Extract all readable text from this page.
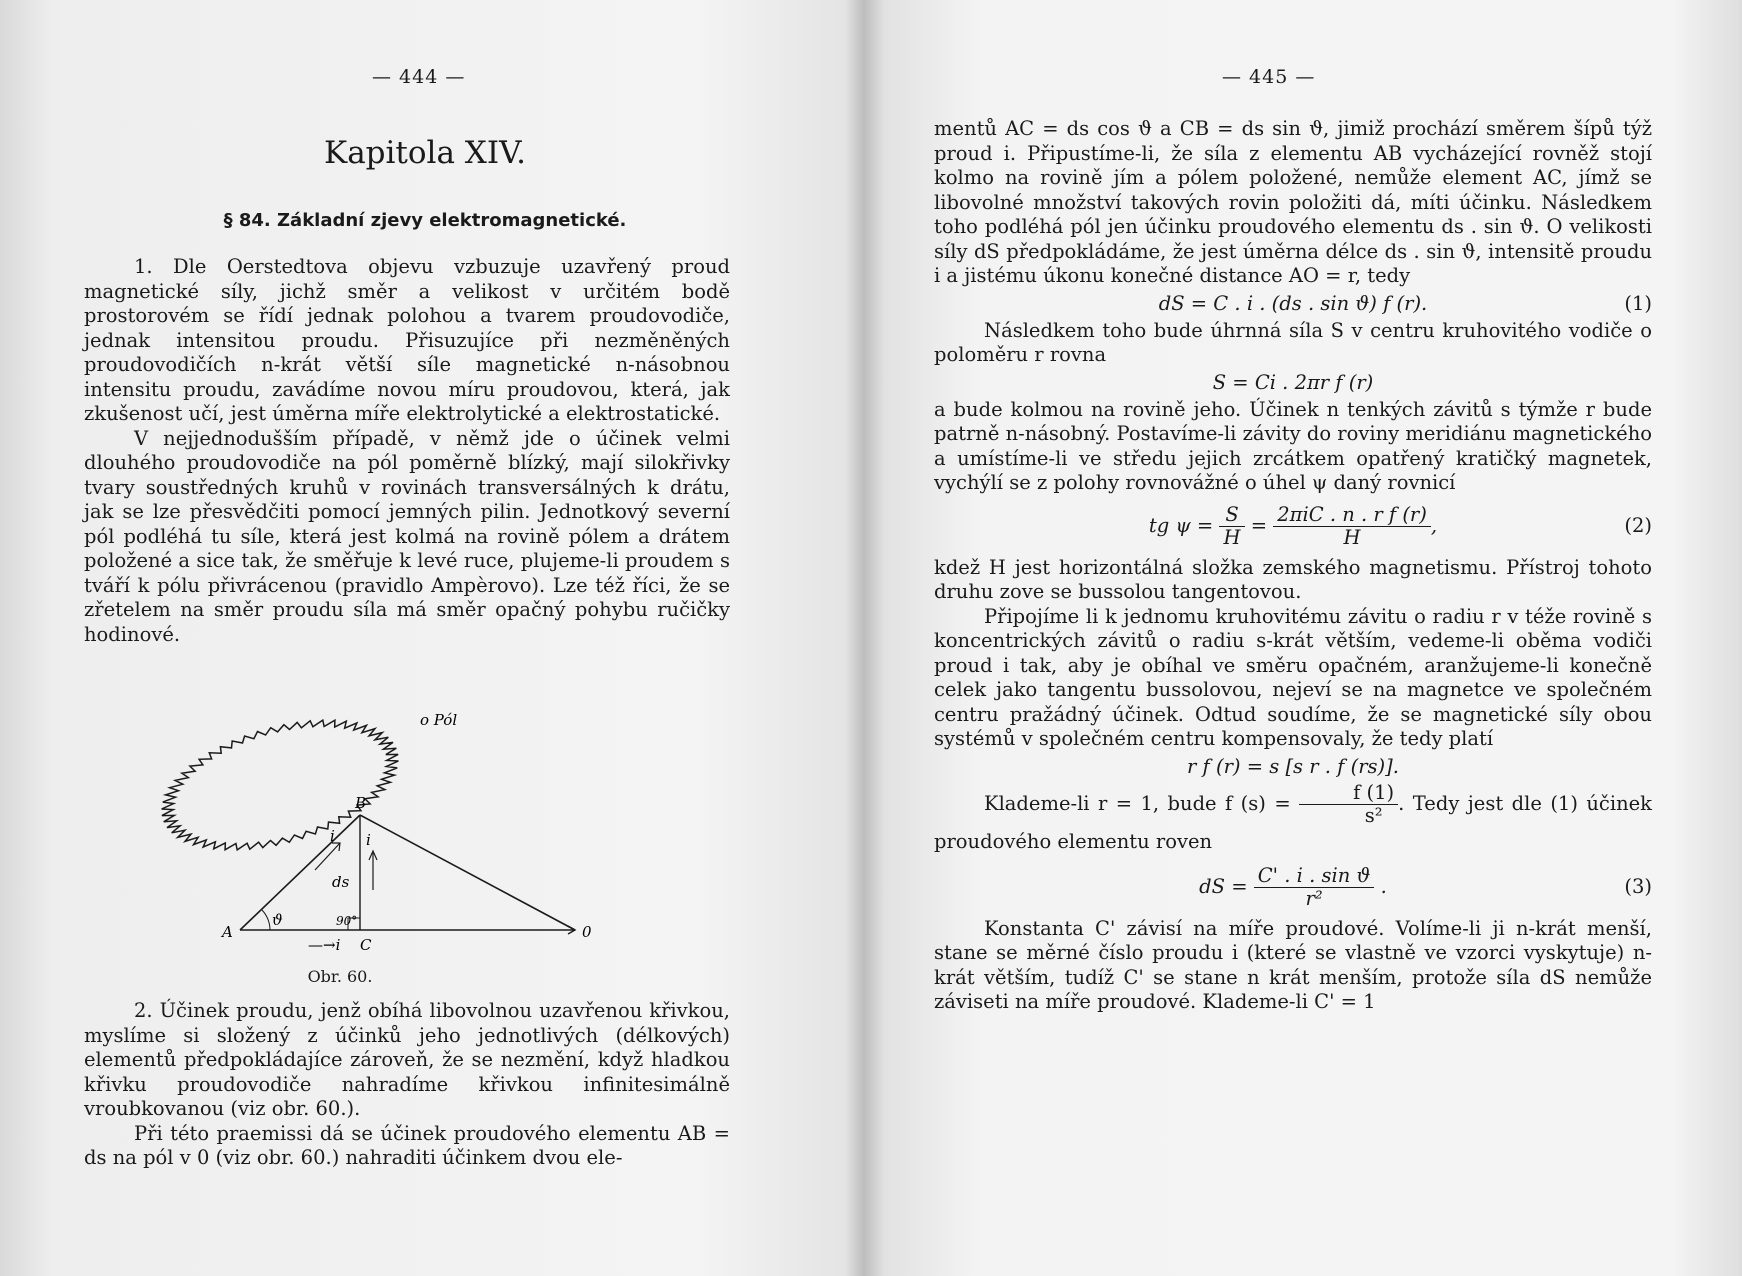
— 444 —
Kapitola XIV.
§ 84. Základní zjevy elektromagnetické.

1. Dle Oerstedtova objevu vzbuzuje uzavřený proud magnetické síly, jichž směr a velikost v určitém bodě prostorovém se řídí jednak polohou a tvarem proudovodiče, jednak intensitou proudu. Přisuzujíce při nezměněných proudovodičích n-krát větší síle magnetické n-násobnou intensitu proudu, zavádíme novou míru proudovou, která, jak zkušenost učí, jest úměrna míře elektrolytické a elektrostatické.

V nejjednodušším případě, v němž jde o účinek velmi dlouhého proudovodiče na pól poměrně blízký, mají silokřivky tvary soustředných kruhů v rovinách transversálných k drátu, jak se lze přesvědčiti pomocí jemných pilin. Jednotkový severní pól podléhá tu síle, která jest kolmá na rovině pólem a drátem položené a sice tak, že směřuje k levé ruce, plujeme-li proudem s tváří k pólu přivrácenou (pravidlo Ampèrovo). Lze též říci, že se zřetelem na směr proudu síla má směr opačný pohybu ručičky hodinové.

o Pól
B
A	0
C
ds
i i
—→i
ϑ	90°
Obr. 60.

2. Účinek proudu, jenž obíhá libovolnou uzavřenou křivkou, myslíme si složený z účinků jeho jednotlivých (délkových) elementů předpokládajíce zároveň, že se nezmění, když hladkou křivku proudovodiče nahradíme křivkou infinitesimálně vroubkovanou (viz obr. 60.).

Při této praemissi dá se účinek proudového elementu AB = ds na pól v 0 (viz obr. 60.) nahraditi účinkem dvou ele-

— 445 —

mentů AC = ds cos ϑ a CB = ds sin ϑ, jimiž prochází směrem šípů týž proud i. Připustíme-li, že síla z elementu AB vycházející rovněž stojí kolmo na rovině jím a pólem položené, nemůže element AC, jímž se libovolné množství takových rovin položiti dá, míti účinku. Následkem toho podléhá pól jen účinku proudového elementu ds . sin ϑ. O velikosti síly dS předpokládáme, že jest úměrna délce ds . sin ϑ, intensitě proudu i a jistému úkonu konečné distance AO = r, tedy

dS = C . i . (ds . sin ϑ) f (r).	(1)

Následkem toho bude úhrnná síla S v centru kruhovitého vodiče o poloměru r rovna

S = Ci . 2πr f (r)

a bude kolmou na rovině jeho. Účinek n tenkých závitů s týmže r bude patrně n-násobný. Postavíme-li závity do roviny meridiánu magnetického a umístíme-li ve středu jejich zrcátkem opatřený kratičký magnetek, vychýlí se z polohy rovnovážné o úhel ψ daný rovnicí

tg $\psi = \frac{S}{H} = \frac{\text{2πiC . n . r f (r)}}{H}$ ,	(2)

kdež H jest horizontálná složka zemského magnetismu. Přístroj tohoto druhu zove se bussolou tangentovou.

Připojíme li k jednomu kruhovitému závitu o radiu r v téže rovině s koncentrických závitů o radiu s-krát větším, vedeme-li oběma vodiči proud i tak, aby je obíhal ve směru opačném, aranžujeme-li konečně celek jako tangentu bussolovou, nejeví se na magnetce ve společném centru pražádný účinek. Odtud soudíme, že se magnetické síly obou systémů v společném centru kompensovaly, že tedy platí

r f (r) = s [s r . f (rs)].

Klademe-li r = 1, bude f $(s) = \frac{f (1)}{\text{s²}}$ . Tedy jest dle (1) účinek proudového elementu roven

dS = $\frac{\text{C' . i . sin ϑ}}{\text{r²}}$ .	(3)

Konstanta C' závisí na míře proudové. Volíme-li ji n-krát menší, stane se měrné číslo proudu i (které se vlastně ve vzorci vyskytuje) n-krát větším, tudíž C' se stane n krát menším, protože síla dS nemůže záviseti na míře proudové. Klademe-li C' = 1
